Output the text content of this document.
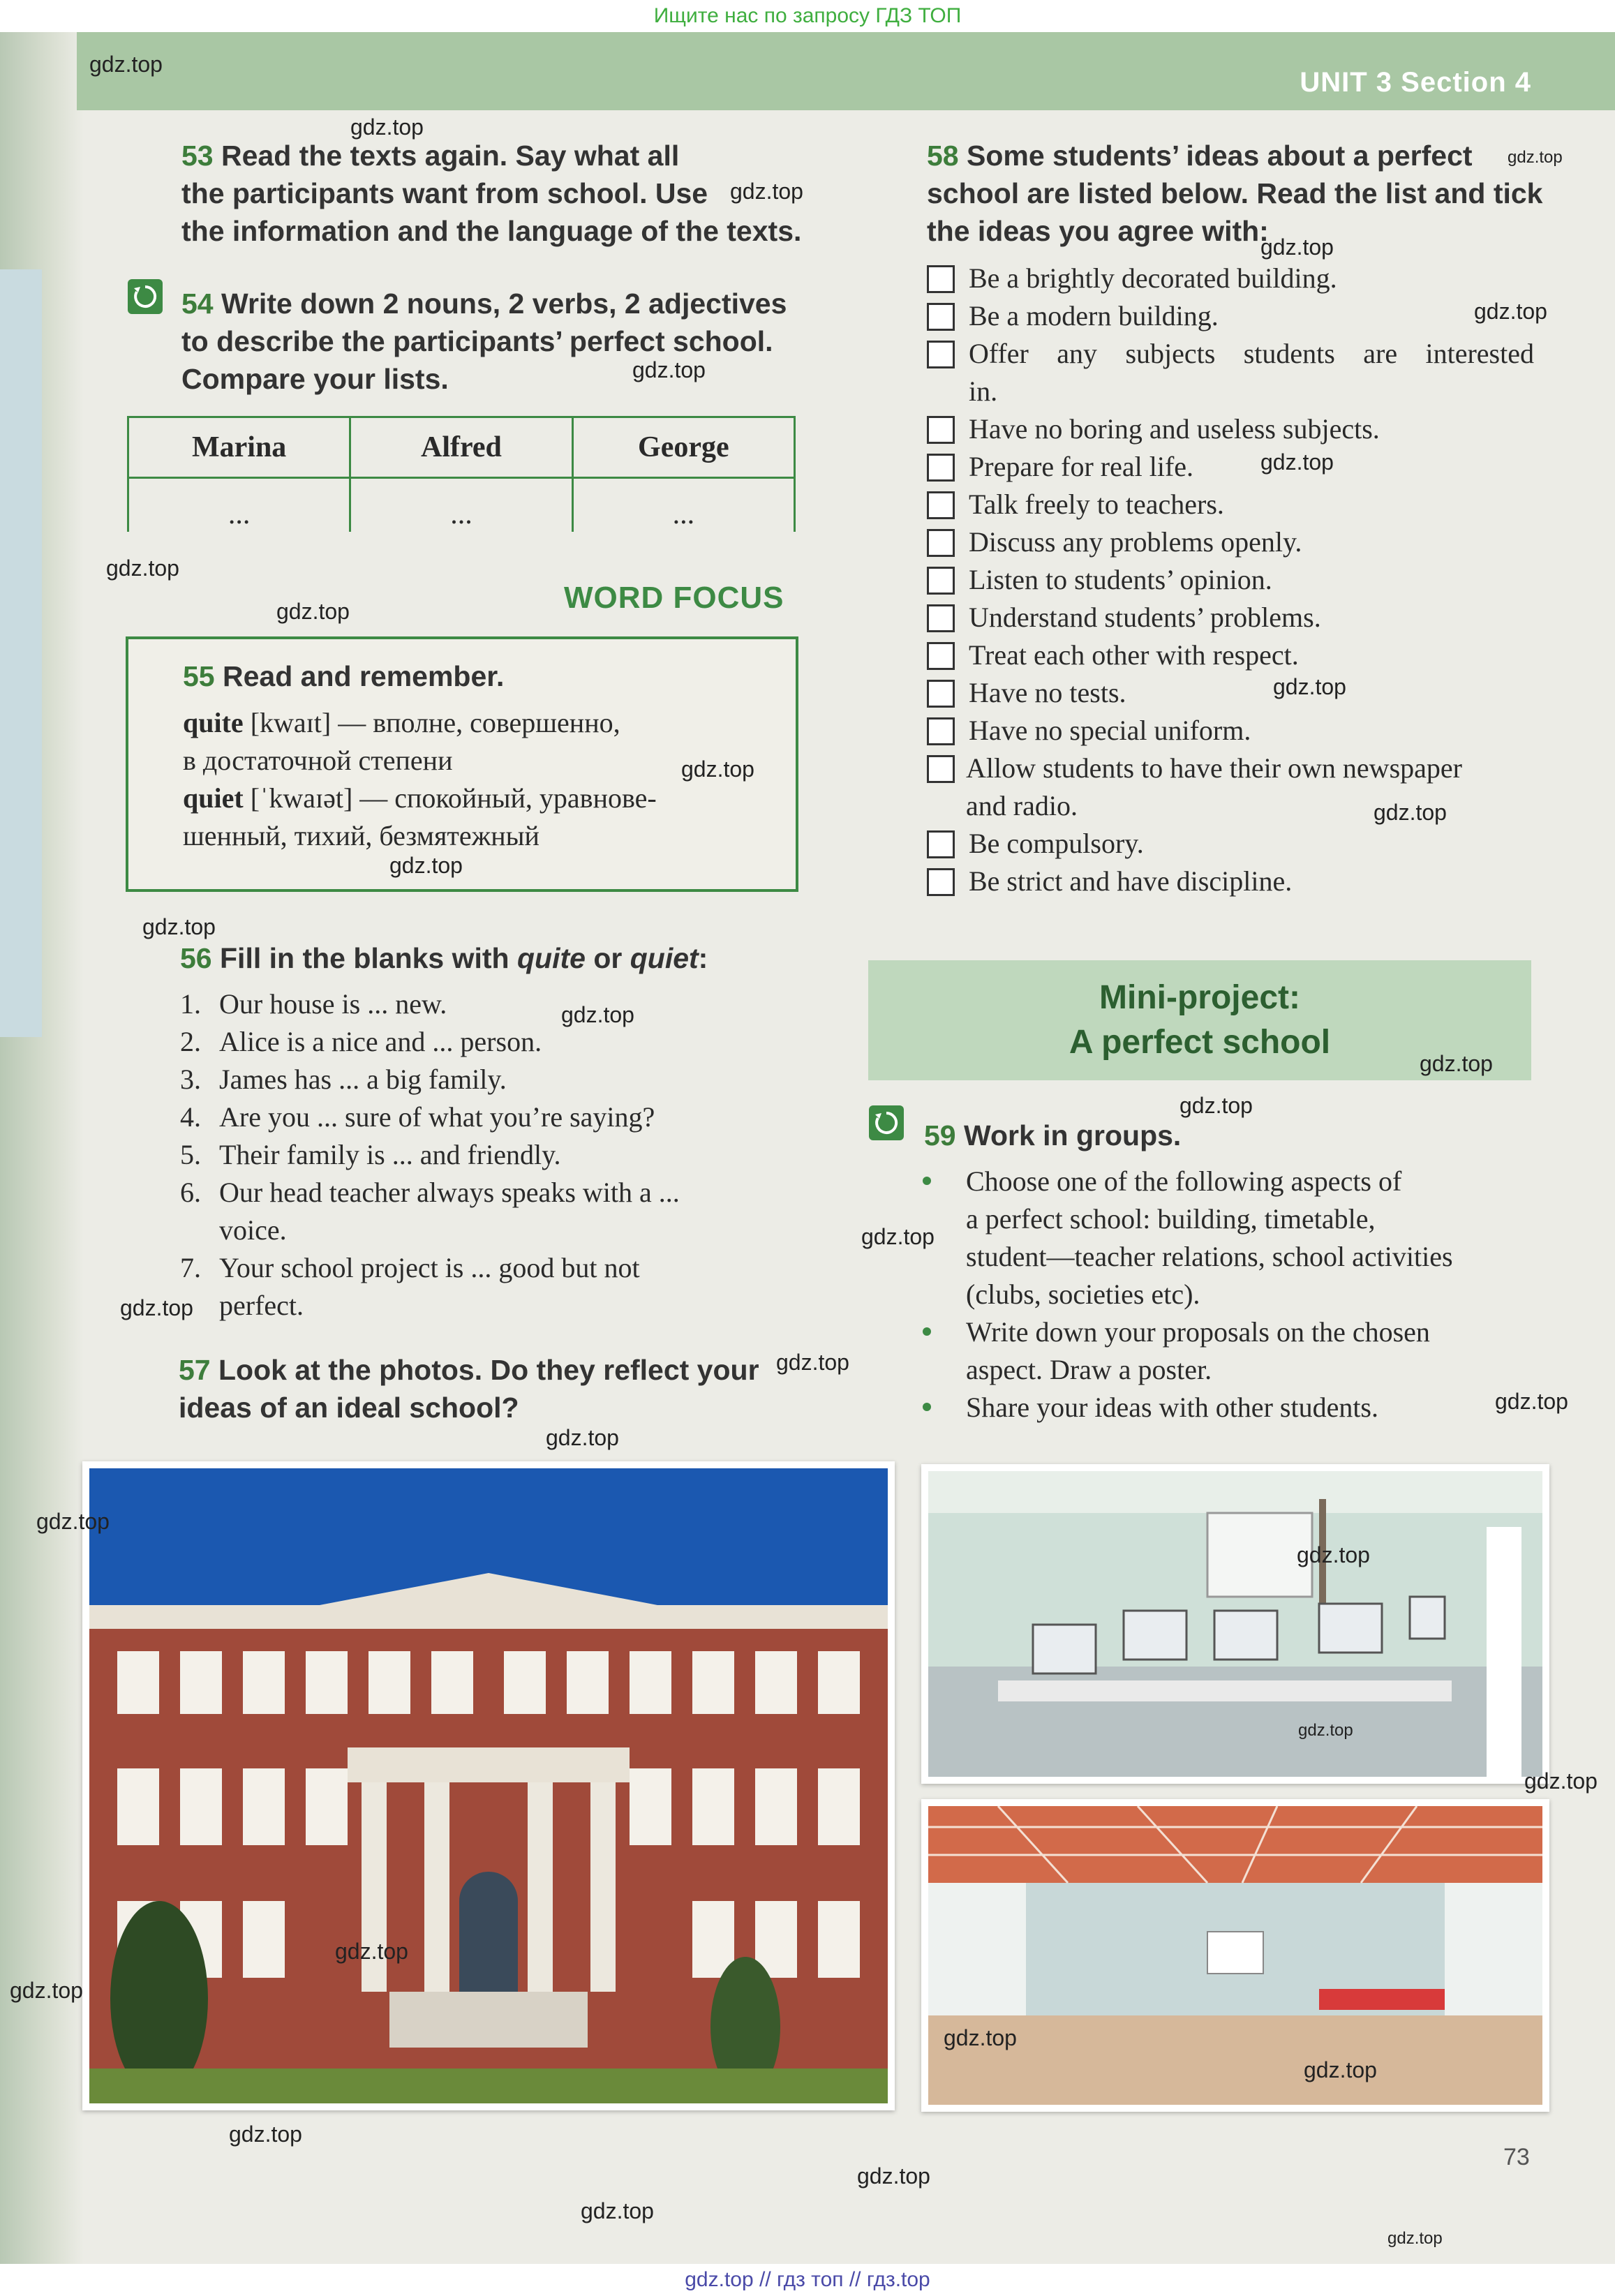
Ищите нас по запросу ГДЗ ТОП
UNIT 3 Section 4
53 Read the texts again. Say what all
the participants want from school. Use
the information and the language of the texts.
54 Write down 2 nouns, 2 verbs, 2 adjectives
to describe the participants’ perfect school.
Compare your lists.
Marina	Alfred	George
...	...	...
WORD FOCUS
55 Read and remember.
quite [kwaɪt] — вполне, совершенно,
в достаточной степени
quiet [ˈkwaɪət] — спокойный, уравнове-
шенный, тихий, безмятежный
56 Fill in the blanks with quite or quiet:
1. Our house is ... new.
2. Alice is a nice and ... person.
3. James has ... a big family.
4. Are you ... sure of what you’re saying?
5. Their family is ... and friendly.
6. Our head teacher always speaks with a ...
voice.
7. Your school project is ... good but not
perfect.
57 Look at the photos. Do they reflect your
ideas of an ideal school?
58 Some students’ ideas about a perfect
school are listed below. Read the list and tick
the ideas you agree with:
Be a brightly decorated building.
Be a modern building.
Offer any subjects students are interested
in.
Have no boring and useless subjects.
Prepare for real life.
Talk freely to teachers.
Discuss any problems openly.
Listen to students’ opinion.
Understand students’ problems.
Treat each other with respect.
Have no tests.
Have no special uniform.
Allow students to have their own newspaper
and radio.
Be compulsory.
Be strict and have discipline.
Mini-project:
A perfect school
59 Work in groups.
Choose one of the following aspects of
a perfect school: building, timetable,
student—teacher relations, school activities
(clubs, societies etc).
Write down your proposals on the chosen
aspect. Draw a poster.
Share your ideas with other students.
73
gdz.top
gdz.top
gdz.top
gdz.top
gdz.top
gdz.top
gdz.top
gdz.top
gdz.top
gdz.top
gdz.top
gdz.top
gdz.top
gdz.top
gdz.top
gdz.top
gdz.top
gdz.top
gdz.top
gdz.top
gdz.top
gdz.top
gdz.top
gdz.top
gdz.top
gdz.top
gdz.top
gdz.top
gdz.top
gdz.top
gdz.top
gdz.top
gdz.top
gdz.top
gdz.top
gdz.top // гдз топ // гдз.top
